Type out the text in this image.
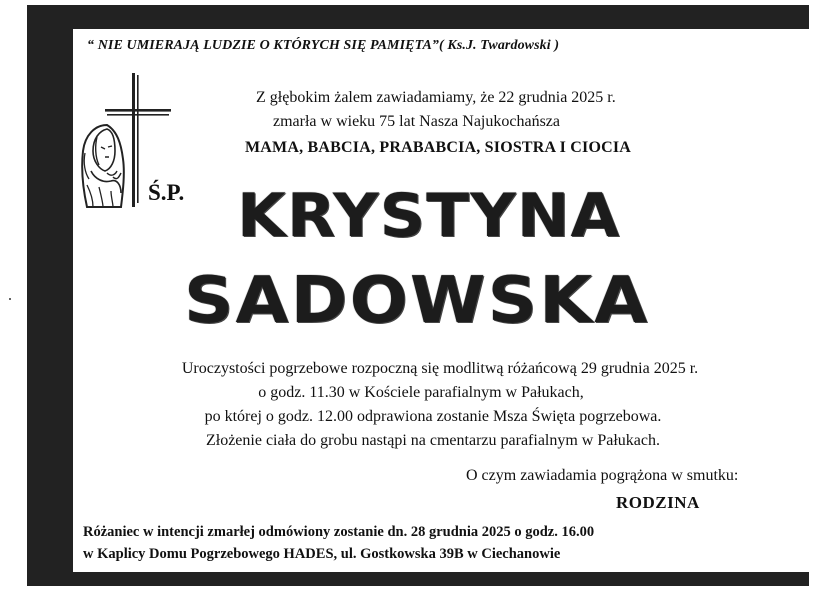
“ NIE UMIERAJĄ LUDZIE O KTÓRYCH SIĘ PAMIĘTA”( Ks.J. Twardowski )
Z głębokim żalem zawiadamiamy, że 22 grudnia 2025 r.
zmarła w wieku 75 lat Nasza Najukochańsza
MAMA, BABCIA, PRABABCIA, SIOSTRA I CIOCIA
Ś.P. KRYSTYNA
SADOWSKA
Uroczystości pogrzebowe rozpoczną się modlitwą różańcową 29 grudnia 2025 r.
o godz. 11.30 w Kościele parafialnym w Pałukach,
po której o godz. 12.00 odprawiona zostanie Msza Święta pogrzebowa.
Złożenie ciała do grobu nastąpi na cmentarzu parafialnym w Pałukach.
O czym zawiadamia pogrążona w smutku:
RODZINA
Różaniec w intencji zmarłej odmówiony zostanie dn. 28 grudnia 2025 o godz. 16.00
w Kaplicy Domu Pogrzebowego HADES, ul. Gostkowska 39B w Ciechanowie
